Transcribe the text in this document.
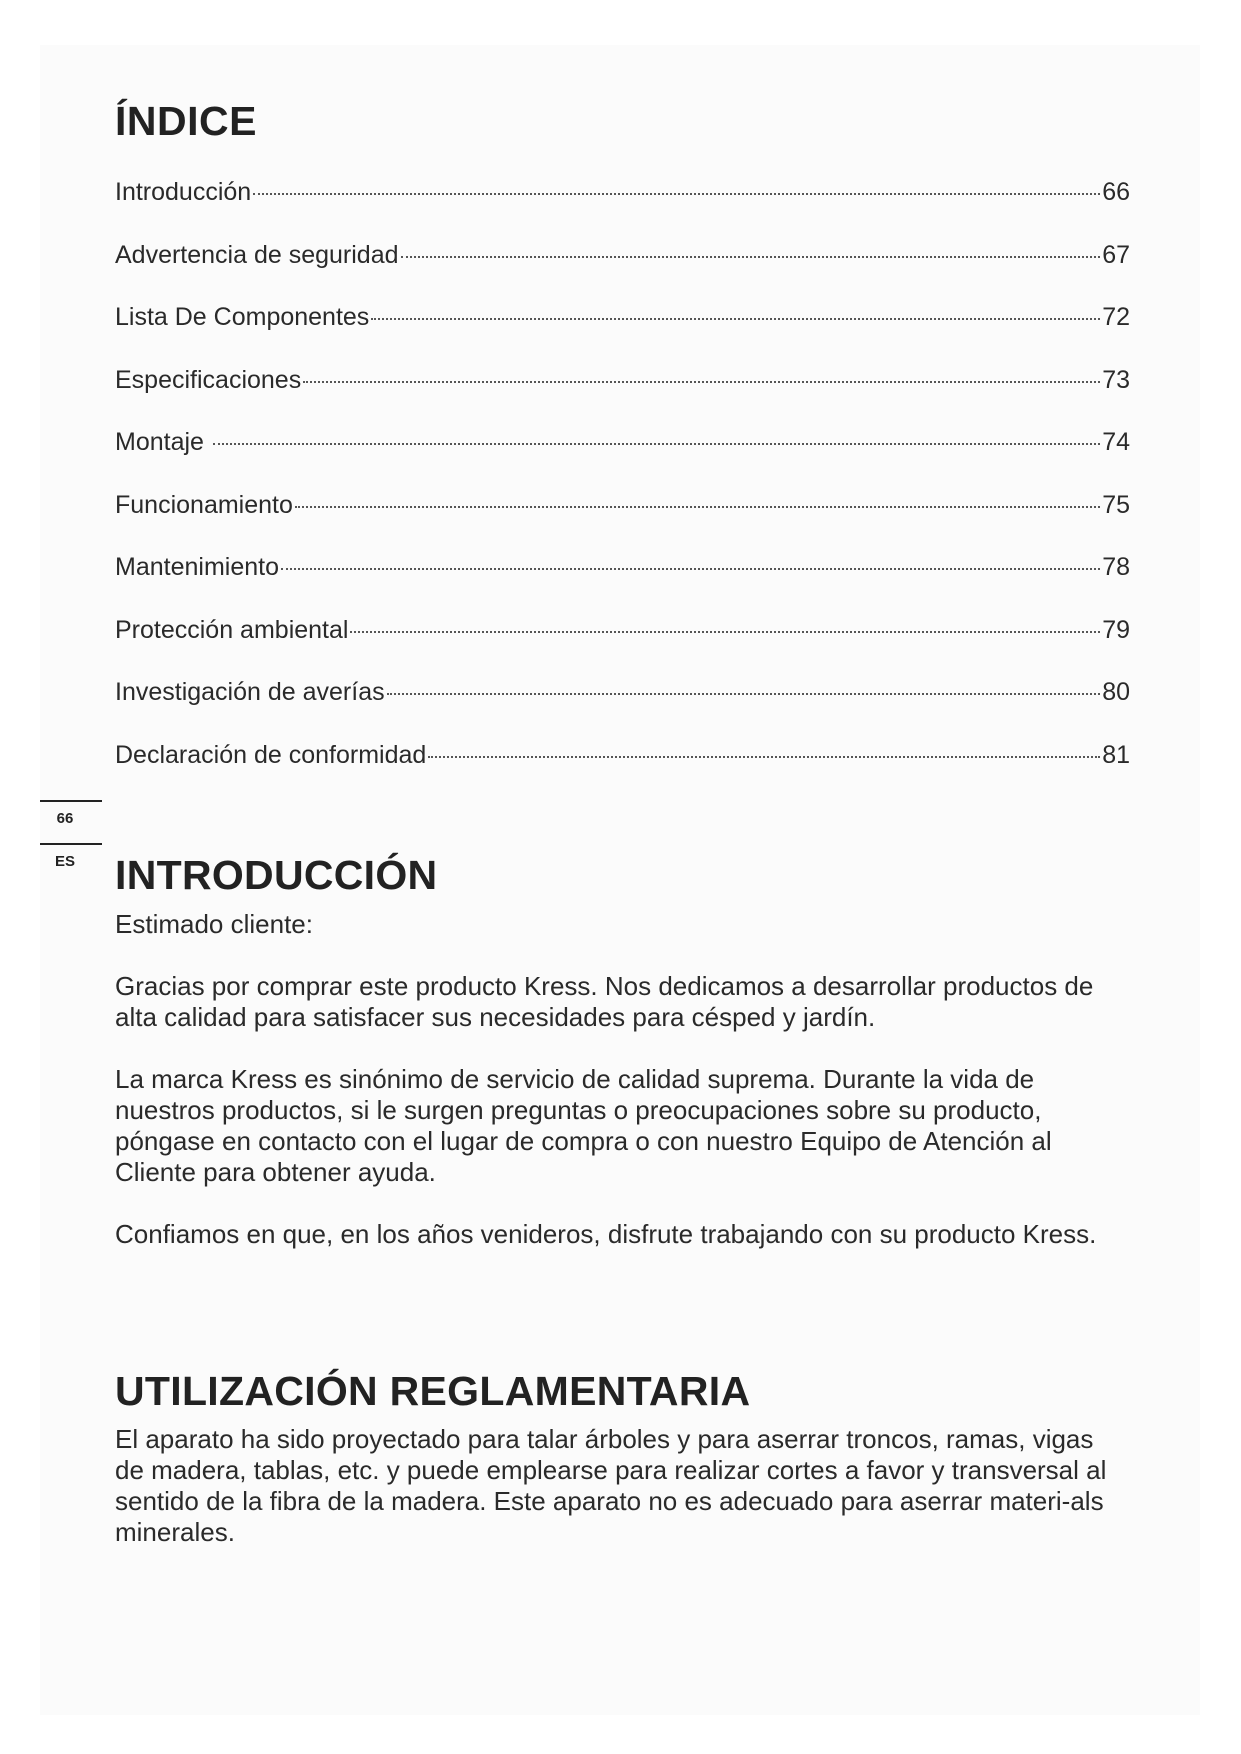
66
ES
ÍNDICE
Introducción	66
Advertencia de seguridad	67
Lista De Componentes	72
Especificaciones	73
Montaje	74
Funcionamiento	75
Mantenimiento	78
Protección ambiental	79
Investigación de averías	80
Declaración de conformidad	81
INTRODUCCIÓN

Estimado cliente:

Gracias por comprar este producto Kress. Nos dedicamos a desarrollar productos de alta calidad para satisfacer sus necesidades para césped y jardín.

La marca Kress es sinónimo de servicio de calidad suprema. Durante la vida de nuestros productos, si le surgen preguntas o preocupaciones sobre su producto, póngase en contacto con el lugar de compra o con nuestro Equipo de Atención al Cliente para obtener ayuda.

Confiamos en que, en los años venideros, disfrute trabajando con su producto Kress.

UTILIZACIÓN REGLAMENTARIA

El aparato ha sido proyectado para talar árboles y para aserrar troncos, ramas, vigas de madera, tablas, etc. y puede emplearse para realizar cortes a favor y transversal al sentido de la fibra de la madera. Este aparato no es adecuado para aserrar materi-als minerales.
